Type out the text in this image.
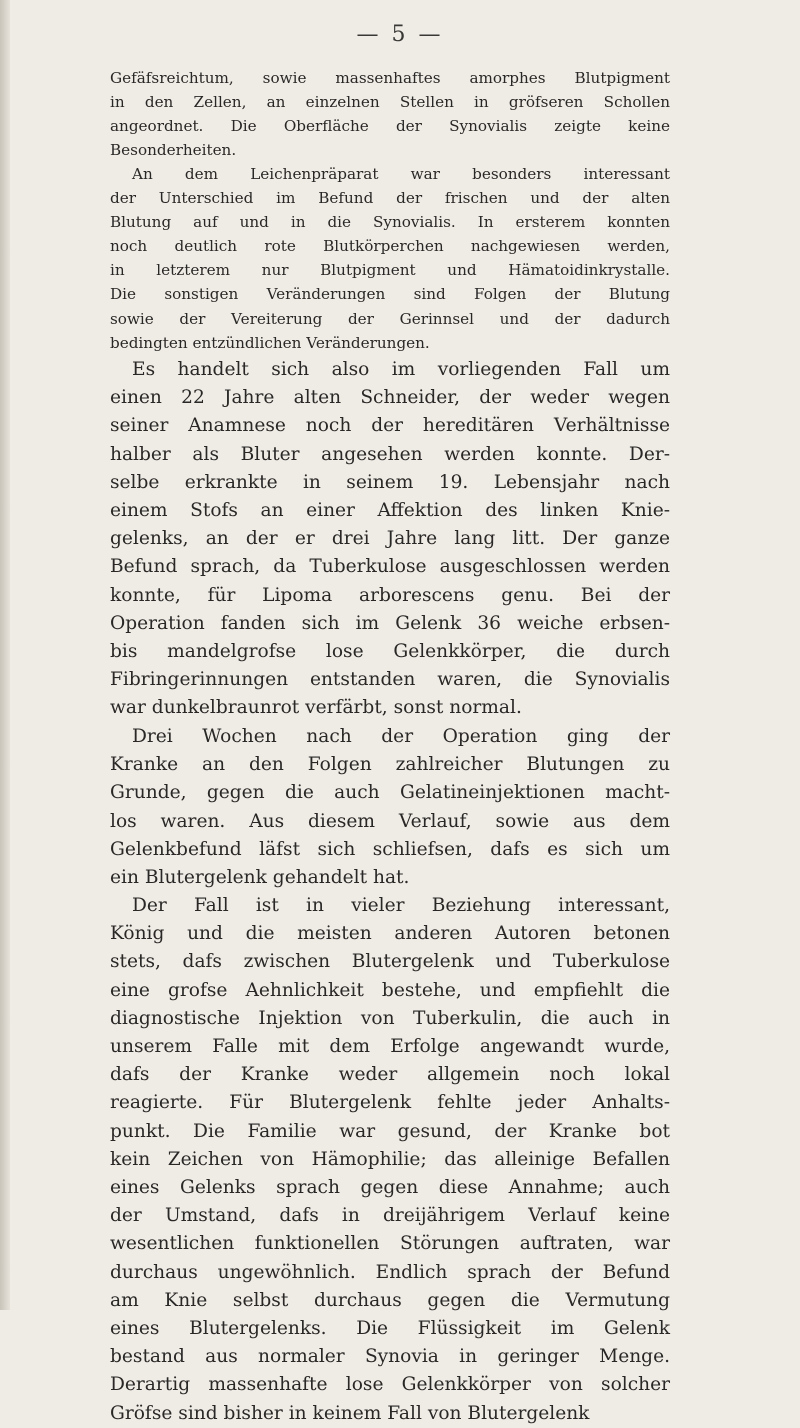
— 5 —
Gefäfsreichtum, sowie massenhaftes amorphes Blutpigment
in den Zellen, an einzelnen Stellen in gröfseren Schollen
angeordnet. Die Oberfläche der Synovialis zeigte keine
Besonderheiten.
An dem Leichenpräparat war besonders interessant
der Unterschied im Befund der frischen und der alten
Blutung auf und in die Synovialis. In ersterem konnten
noch deutlich rote Blutkörperchen nachgewiesen werden,
in letzterem nur Blutpigment und Hämatoidinkrystalle.
Die sonstigen Veränderungen sind Folgen der Blutung
sowie der Vereiterung der Gerinnsel und der dadurch
bedingten entzündlichen Veränderungen.
Es handelt sich also im vorliegenden Fall um
einen 22 Jahre alten Schneider, der weder wegen
seiner Anamnese noch der hereditären Verhältnisse
halber als Bluter angesehen werden konnte. Der-
selbe erkrankte in seinem 19. Lebensjahr nach
einem Stofs an einer Affektion des linken Knie-
gelenks, an der er drei Jahre lang litt. Der ganze
Befund sprach, da Tuberkulose ausgeschlossen werden
konnte, für Lipoma arborescens genu. Bei der
Operation fanden sich im Gelenk 36 weiche erbsen-
bis mandelgrofse lose Gelenkkörper, die durch
Fibringerinnungen entstanden waren, die Synovialis
war dunkelbraunrot verfärbt, sonst normal.
Drei Wochen nach der Operation ging der
Kranke an den Folgen zahlreicher Blutungen zu
Grunde, gegen die auch Gelatineinjektionen macht-
los waren. Aus diesem Verlauf, sowie aus dem
Gelenkbefund läfst sich schliefsen, dafs es sich um
ein Blutergelenk gehandelt hat.
Der Fall ist in vieler Beziehung interessant,
König und die meisten anderen Autoren betonen
stets, dafs zwischen Blutergelenk und Tuberkulose
eine grofse Aehnlichkeit bestehe, und empfiehlt die
diagnostische Injektion von Tuberkulin, die auch in
unserem Falle mit dem Erfolge angewandt wurde,
dafs der Kranke weder allgemein noch lokal
reagierte. Für Blutergelenk fehlte jeder Anhalts-
punkt. Die Familie war gesund, der Kranke bot
kein Zeichen von Hämophilie; das alleinige Befallen
eines Gelenks sprach gegen diese Annahme; auch
der Umstand, dafs in dreijährigem Verlauf keine
wesentlichen funktionellen Störungen auftraten, war
durchaus ungewöhnlich. Endlich sprach der Befund
am Knie selbst durchaus gegen die Vermutung
eines Blutergelenks. Die Flüssigkeit im Gelenk
bestand aus normaler Synovia in geringer Menge.
Derartig massenhafte lose Gelenkkörper von solcher
Gröfse sind bisher in keinem Fall von Blutergelenk
